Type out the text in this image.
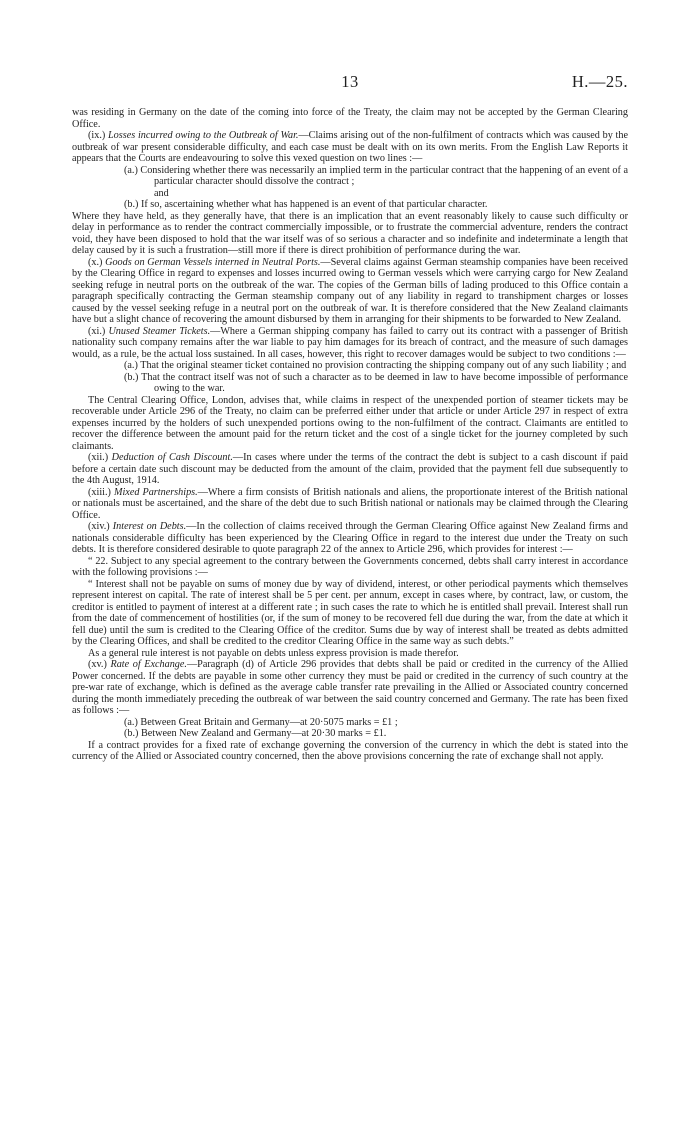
13	H.—25.

was residing in Germany on the date of the coming into force of the Treaty, the claim may not be accepted by the German Clearing Office.

(ix.) Losses incurred owing to the Outbreak of War.—Claims arising out of the non-fulfilment of contracts which was caused by the outbreak of war present considerable difficulty, and each case must be dealt with on its own merits. From the English Law Reports it appears that the Courts are endeavouring to solve this vexed question on two lines :—

(a.) Considering whether there was necessarily an implied term in the particular contract that the happening of an event of a particular character should dissolve the contract ;

and

(b.) If so, ascertaining whether what has happened is an event of that particular character.

Where they have held, as they generally have, that there is an implication that an event reasonably likely to cause such difficulty or delay in performance as to render the contract commercially impossible, or to frustrate the commercial adventure, renders the contract void, they have been disposed to hold that the war itself was of so serious a character and so indefinite and indeterminate a length that delay caused by it is such a frustration—still more if there is direct prohibition of performance during the war.

(x.) Goods on German Vessels interned in Neutral Ports.—Several claims against German steamship companies have been received by the Clearing Office in regard to expenses and losses incurred owing to German vessels which were carrying cargo for New Zealand seeking refuge in neutral ports on the outbreak of the war. The copies of the German bills of lading produced to this Office contain a paragraph specifically contracting the German steamship company out of any liability in regard to transhipment charges or losses caused by the vessel seeking refuge in a neutral port on the outbreak of war. It is therefore considered that the New Zealand claimants have but a slight chance of recovering the amount disbursed by them in arranging for their shipments to be forwarded to New Zealand.

(xi.) Unused Steamer Tickets.—Where a German shipping company has failed to carry out its contract with a passenger of British nationality such company remains after the war liable to pay him damages for its breach of contract, and the measure of such damages would, as a rule, be the actual loss sustained. In all cases, however, this right to recover damages would be subject to two conditions :—

(a.) That the original steamer ticket contained no provision contracting the shipping company out of any such liability ; and

(b.) That the contract itself was not of such a character as to be deemed in law to have become impossible of performance owing to the war.

The Central Clearing Office, London, advises that, while claims in respect of the unexpended portion of steamer tickets may be recoverable under Article 296 of the Treaty, no claim can be preferred either under that article or under Article 297 in respect of extra expenses incurred by the holders of such unexpended portions owing to the non-fulfilment of the contract. Claimants are entitled to recover the difference between the amount paid for the return ticket and the cost of a single ticket for the journey completed by such claimants.

(xii.) Deduction of Cash Discount.—In cases where under the terms of the contract the debt is subject to a cash discount if paid before a certain date such discount may be deducted from the amount of the claim, provided that the payment fell due subsequently to the 4th August, 1914.

(xiii.) Mixed Partnerships.—Where a firm consists of British nationals and aliens, the proportionate interest of the British national or nationals must be ascertained, and the share of the debt due to such British national or nationals may be claimed through the Clearing Office.

(xiv.) Interest on Debts.—In the collection of claims received through the German Clearing Office against New Zealand firms and nationals considerable difficulty has been experienced by the Clearing Office in regard to the interest due under the Treaty on such debts. It is therefore considered desirable to quote paragraph 22 of the annex to Article 296, which provides for interest :—

“ 22. Subject to any special agreement to the contrary between the Governments concerned, debts shall carry interest in accordance with the following provisions :—

“ Interest shall not be payable on sums of money due by way of dividend, interest, or other periodical payments which themselves represent interest on capital. The rate of interest shall be 5 per cent. per annum, except in cases where, by contract, law, or custom, the creditor is entitled to payment of interest at a different rate ; in such cases the rate to which he is entitled shall prevail. Interest shall run from the date of commencement of hostilities (or, if the sum of money to be recovered fell due during the war, from the date at which it fell due) until the sum is credited to the Clearing Office of the creditor. Sums due by way of interest shall be treated as debts admitted by the Clearing Offices, and shall be credited to the creditor Clearing Office in the same way as such debts.”

As a general rule interest is not payable on debts unless express provision is made therefor.

(xv.) Rate of Exchange.—Paragraph (d) of Article 296 provides that debts shall be paid or credited in the currency of the Allied Power concerned. If the debts are payable in some other currency they must be paid or credited in the currency of such country at the pre-war rate of exchange, which is defined as the average cable transfer rate prevailing in the Allied or Associated country concerned during the month immediately preceding the outbreak of war between the said country concerned and Germany. The rate has been fixed as follows :—

(a.) Between Great Britain and Germany—at 20·5075 marks = £1 ;

(b.) Between New Zealand and Germany—at 20·30 marks = £1.

If a contract provides for a fixed rate of exchange governing the conversion of the currency in which the debt is stated into the currency of the Allied or Associated country concerned, then the above provisions concerning the rate of exchange shall not apply.
